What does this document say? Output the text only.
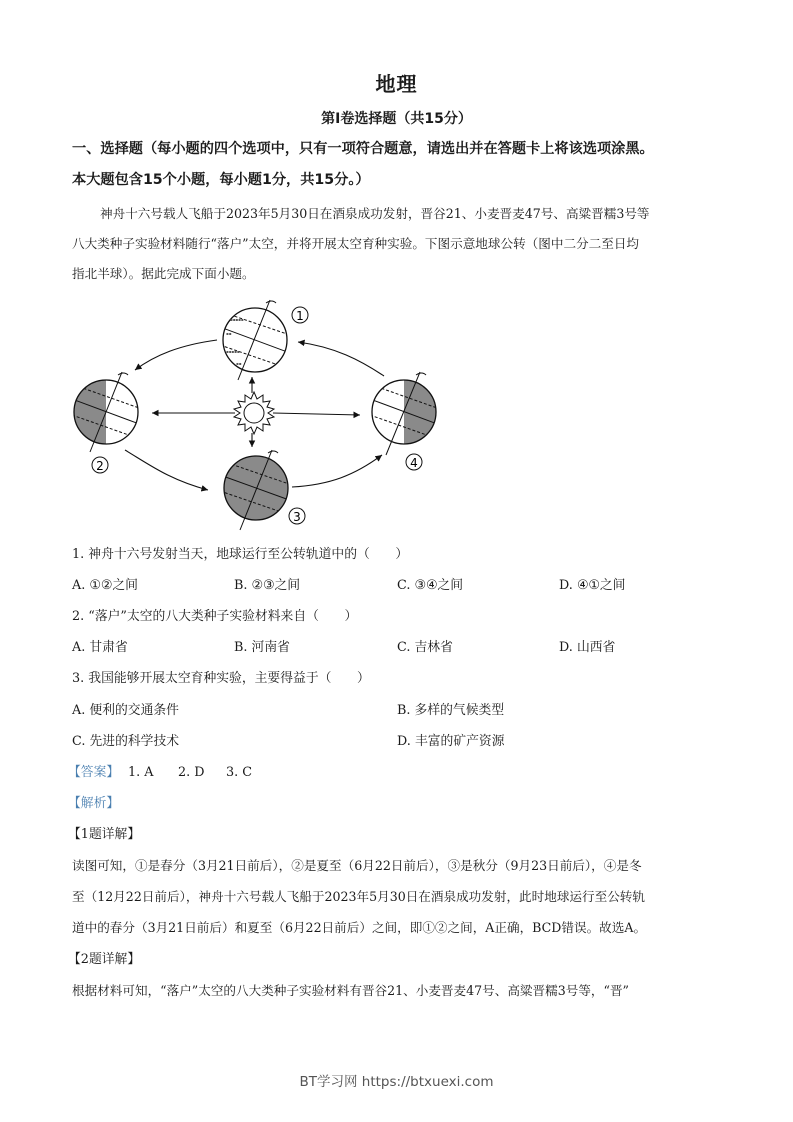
地理
第Ⅰ卷选择题（共15分）
一、选择题（每小题的四个选项中，只有一项符合题意，请选出并在答题卡上将该选项涂黑。
本大题包含15个小题，每小题1分，共15分。）
神舟十六号载人飞船于2023年5月30日在酒泉成功发射，晋谷21、小麦晋麦47号、高粱晋糯3号等
八大类种子实验材料随行“落户”太空，并将开展太空育种实验。下图示意地球公转（图中二分二至日均
指北半球）。据此完成下面小题。
▪▪▪▪▪
▪▪
▪▪▪▪▪
▪▪
1
2
3
4
1. 神舟十六号发射当天，地球运行至公转轨道中的（　　）
A. ①②之间	B. ②③之间	C. ③④之间	D. ④①之间
2. “落户”太空的八大类种子实验材料来自（　　）
A. 甘肃省	B. 河南省	C. 吉林省	D. 山西省
3. 我国能够开展太空育种实验，主要得益于（　　）
A. 便利的交通条件	B. 多样的气候类型
C. 先进的科学技术	D. 丰富的矿产资源
【答案】 1. A 2. D 3. C
【解析】
【1题详解】
读图可知，①是春分（3月21日前后），②是夏至（6月22日前后），③是秋分（9月23日前后），④是冬
至（12月22日前后），神舟十六号载人飞船于2023年5月30日在酒泉成功发射，此时地球运行至公转轨
道中的春分（3月21日前后）和夏至（6月22日前后）之间，即①②之间，A正确，BCD错误。故选A。
【2题详解】
根据材料可知，“落户”太空的八大类种子实验材料有晋谷21、小麦晋麦47号、高粱晋糯3号等，“晋”
BT学习网 https://btxuexi.com
